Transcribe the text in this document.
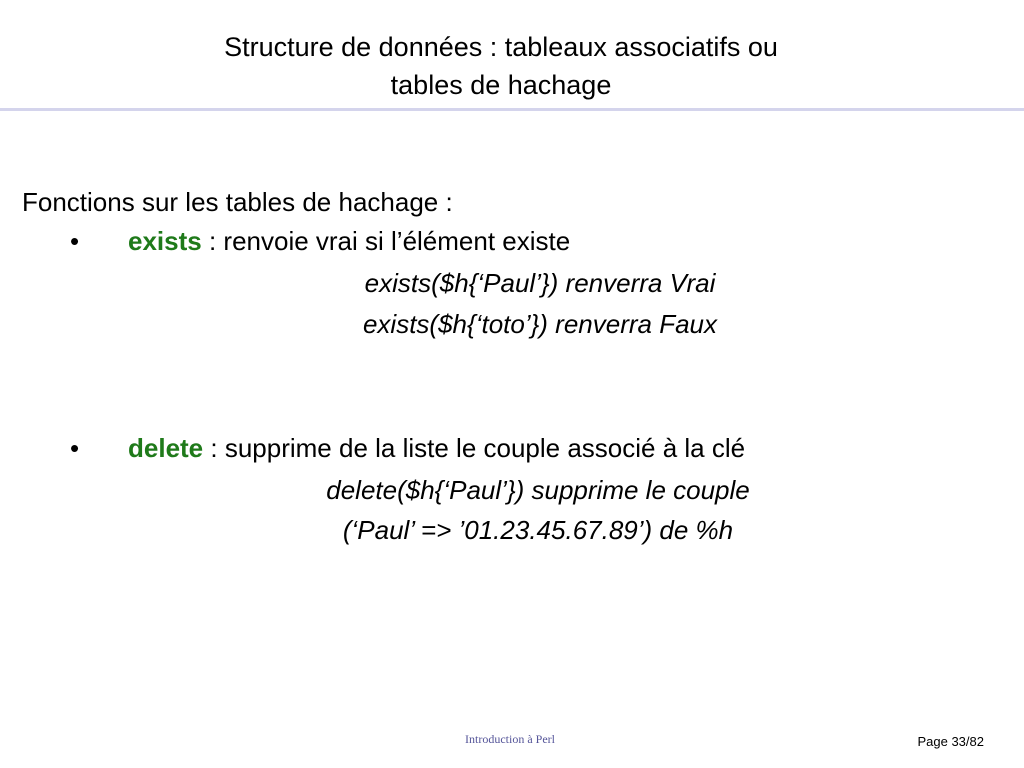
Structure de données : tableaux associatifs ou
tables de hachage
Fonctions sur les tables de hachage :
• exists : renvoie vrai si l’élément existe
exists($h{‘Paul’}) renverra Vrai
exists($h{‘toto’}) renverra Faux
• delete : supprime de la liste le couple associé à la clé
delete($h{‘Paul’}) supprime le couple
(‘Paul’ => ’01.23.45.67.89’) de %h
Introduction à Perl	Page 33/82
